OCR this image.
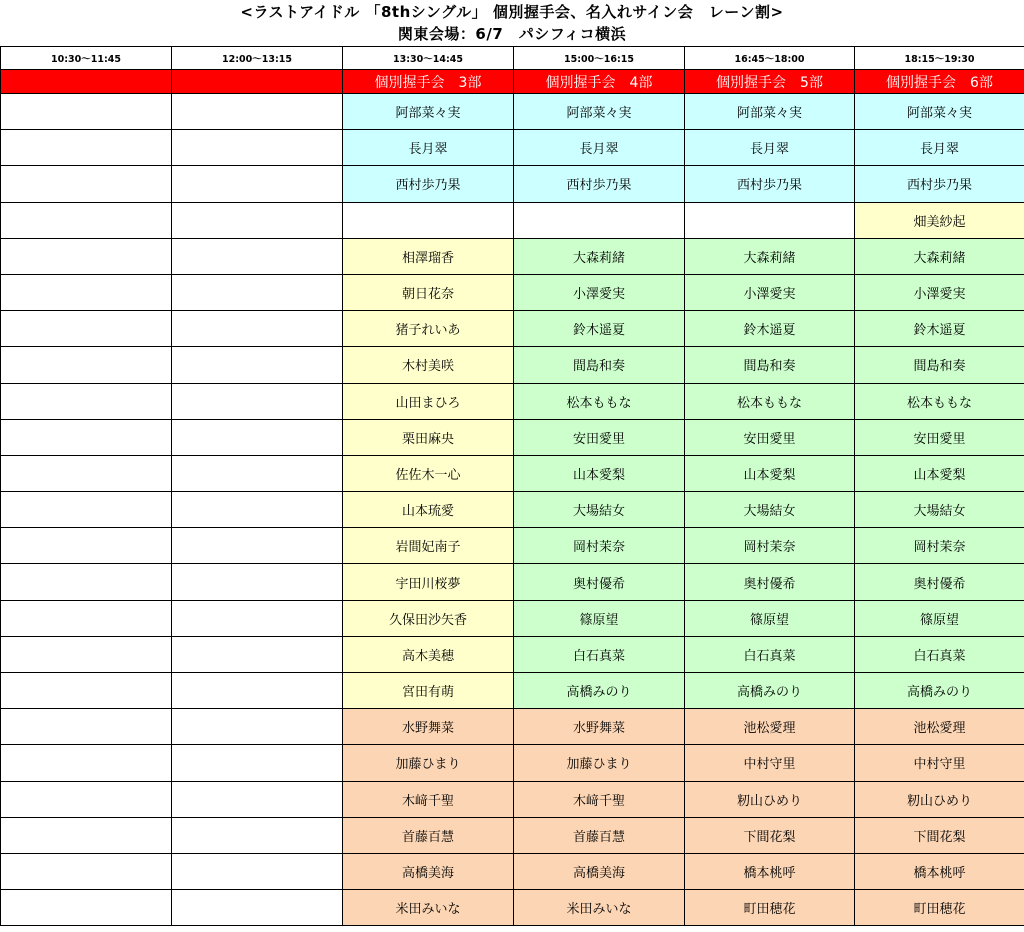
<ラストアイドル 「8thシングル」 個別握手会、名入れサイン会　レーン割>
関東会場：6/7　パシフィコ横浜
10:30〜11:45	12:00〜13:15	13:30〜14:45	15:00〜16:15	16:45〜18:00	18:15〜19:30
		個別握手会　3部	個別握手会　4部	個別握手会　5部	個別握手会　6部
		阿部菜々実	阿部菜々実	阿部菜々実	阿部菜々実
		長月翠	長月翠	長月翠	長月翠
		西村歩乃果	西村歩乃果	西村歩乃果	西村歩乃果
					畑美紗起
		相澤瑠香	大森莉緒	大森莉緒	大森莉緒
		朝日花奈	小澤愛実	小澤愛実	小澤愛実
		猪子れいあ	鈴木遥夏	鈴木遥夏	鈴木遥夏
		木村美咲	間島和奏	間島和奏	間島和奏
		山田まひろ	松本ももな	松本ももな	松本ももな
		栗田麻央	安田愛里	安田愛里	安田愛里
		佐佐木一心	山本愛梨	山本愛梨	山本愛梨
		山本琉愛	大場結女	大場結女	大場結女
		岩間妃南子	岡村茉奈	岡村茉奈	岡村茉奈
		宇田川桜夢	奥村優希	奥村優希	奥村優希
		久保田沙矢香	篠原望	篠原望	篠原望
		高木美穂	白石真菜	白石真菜	白石真菜
		宮田有萌	高橋みのり	高橋みのり	高橋みのり
		水野舞菜	水野舞菜	池松愛理	池松愛理
		加藤ひまり	加藤ひまり	中村守里	中村守里
		木﨑千聖	木﨑千聖	籾山ひめり	籾山ひめり
		首藤百慧	首藤百慧	下間花梨	下間花梨
		高橋美海	高橋美海	橋本桃呼	橋本桃呼
		米田みいな	米田みいな	町田穂花	町田穂花
